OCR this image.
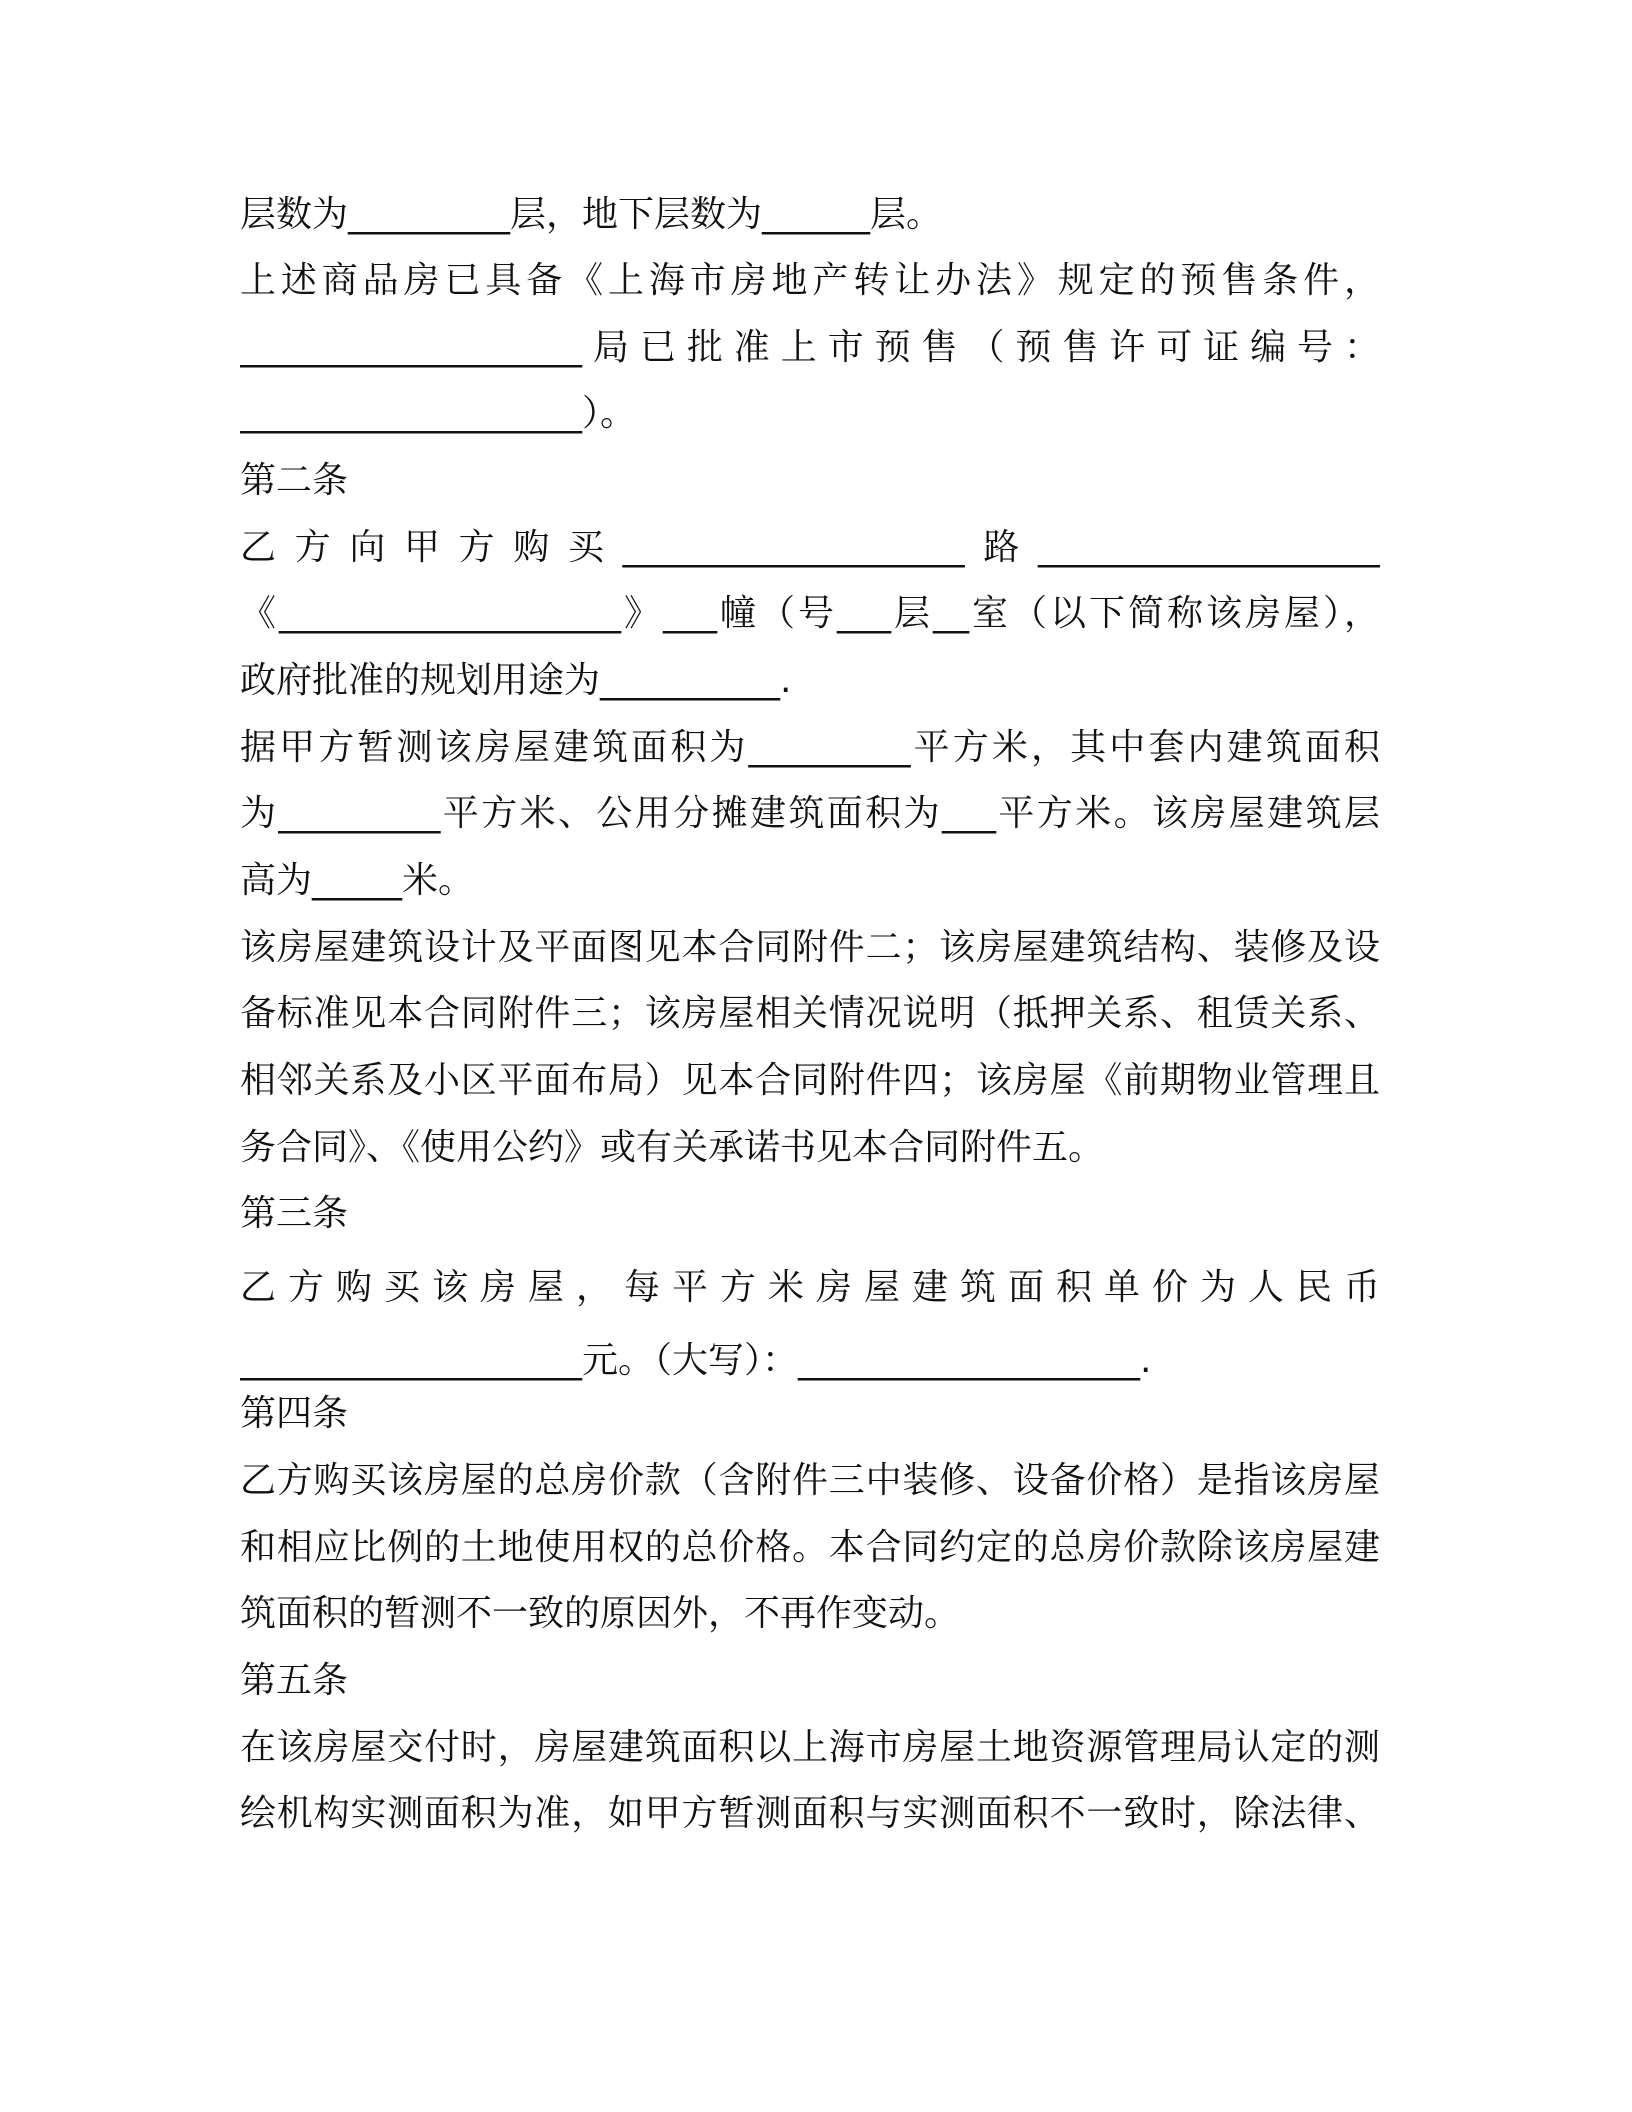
层数为_________层，地下层数为______层。
上述商品房已具备《上海市房地产转让办法》规定的预售条件，
___________________局已批准上市预售（预售许可证编号：
___________________）。
第二条
乙方向甲方购买___________________路___________________
《___________________》___幢（号___层__室（以下简称该房屋），
政府批准的规划用途为__________.
据甲方暂测该房屋建筑面积为_________平方米，其中套内建筑面积
为_________平方米、公用分摊建筑面积为___平方米。该房屋建筑层
高为_____米。
该房屋建筑设计及平面图见本合同附件二；该房屋建筑结构、装修及设
备标准见本合同附件三；该房屋相关情况说明（抵押关系、租赁关系、
相邻关系及小区平面布局）见本合同附件四；该房屋《前期物业管理且
务合同》、《使用公约》或有关承诺书见本合同附件五。
第三条
乙方购买该房屋，每平方米房屋建筑面积单价为人民币
___________________元。（大写）：___________________.
第四条
乙方购买该房屋的总房价款（含附件三中装修、设备价格）是指该房屋
和相应比例的土地使用权的总价格。本合同约定的总房价款除该房屋建
筑面积的暂测不一致的原因外，不再作变动。
第五条
在该房屋交付时，房屋建筑面积以上海市房屋土地资源管理局认定的测
绘机构实测面积为准，如甲方暂测面积与实测面积不一致时，除法律、
